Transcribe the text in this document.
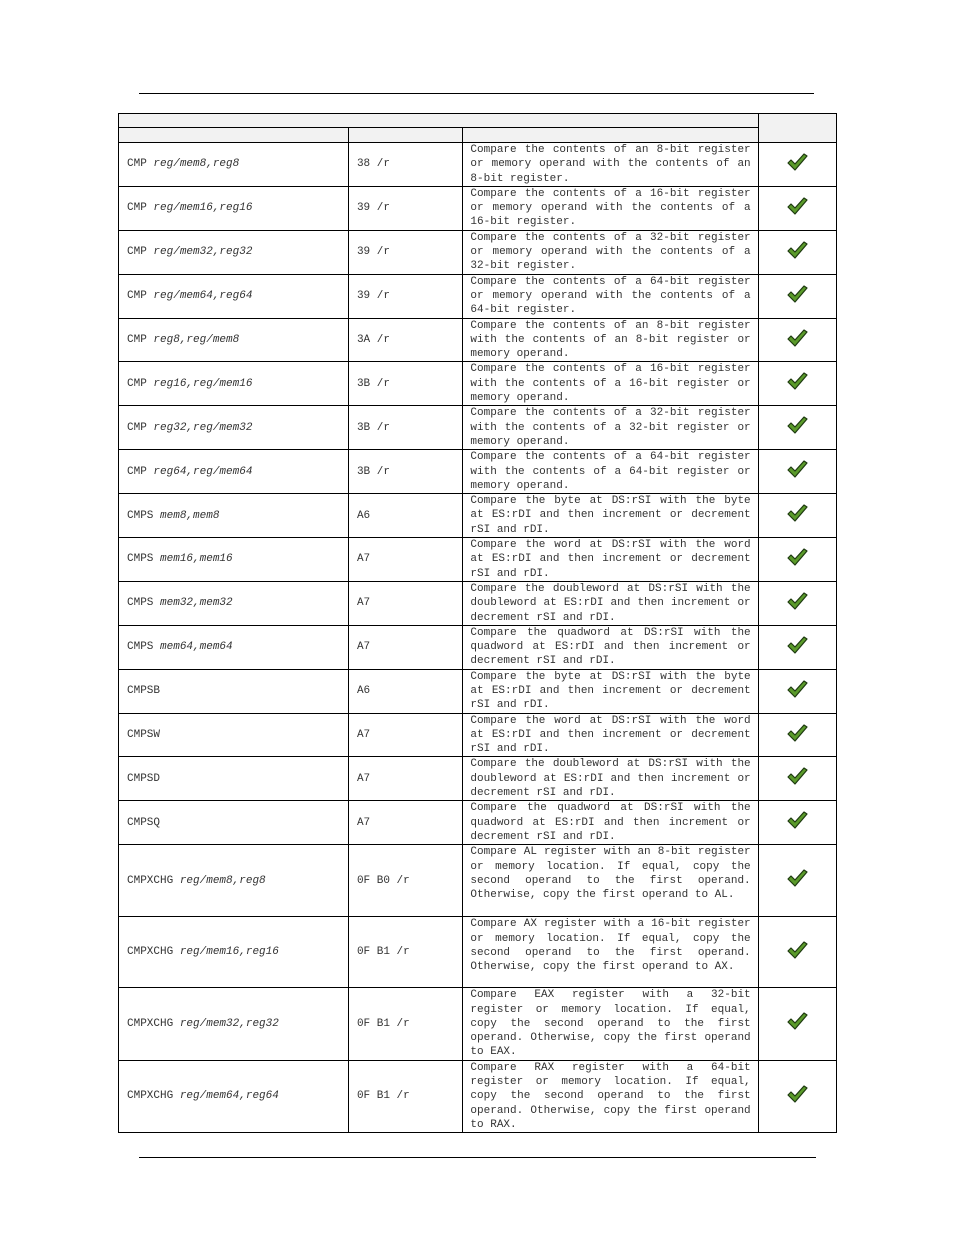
CMP reg/mem8,reg8	38 /r	Compare the contents of an 8-bit register or memory operand with the contents of an 8-bit register.	
CMP reg/mem16,reg16	39 /r	Compare the contents of a 16-bit register or memory operand with the contents of a 16-bit register.	
CMP reg/mem32,reg32	39 /r	Compare the contents of a 32-bit register or memory operand with the contents of a 32-bit register.	
CMP reg/mem64,reg64	39 /r	Compare the contents of a 64-bit register or memory operand with the contents of a 64-bit register.	
CMP reg8,reg/mem8	3A /r	Compare the contents of an 8-bit register with the contents of an 8-bit register or memory operand.	
CMP reg16,reg/mem16	3B /r	Compare the contents of a 16-bit register with the contents of a 16-bit register or memory operand.	
CMP reg32,reg/mem32	3B /r	Compare the contents of a 32-bit register with the contents of a 32-bit register or memory operand.	
CMP reg64,reg/mem64	3B /r	Compare the contents of a 64-bit register with the contents of a 64-bit register or memory operand.	
CMPS mem8,mem8	A6	Compare the byte at DS:rSI with the byte at ES:rDI and then increment or decrement rSI and rDI.	
CMPS mem16,mem16	A7	Compare the word at DS:rSI with the word at ES:rDI and then increment or decrement rSI and rDI.	
CMPS mem32,mem32	A7	Compare the doubleword at DS:rSI with the doubleword at ES:rDI and then increment or decrement rSI and rDI.	
CMPS mem64,mem64	A7	Compare the quadword at DS:rSI with the quadword at ES:rDI and then increment or decrement rSI and rDI.	
CMPSB	A6	Compare the byte at DS:rSI with the byte at ES:rDI and then increment or decrement rSI and rDI.	
CMPSW	A7	Compare the word at DS:rSI with the word at ES:rDI and then increment or decrement rSI and rDI.	
CMPSD	A7	Compare the doubleword at DS:rSI with the doubleword at ES:rDI and then increment or decrement rSI and rDI.	
CMPSQ	A7	Compare the quadword at DS:rSI with the quadword at ES:rDI and then increment or decrement rSI and rDI.	
CMPXCHG reg/mem8,reg8	0F B0 /r	Compare AL register with an 8-bit register or memory location. If equal, copy the second operand to the first operand. Otherwise, copy the first operand to AL.	
CMPXCHG reg/mem16,reg16	0F B1 /r	Compare AX register with a 16-bit register or memory location. If equal, copy the second operand to the first operand. Otherwise, copy the first operand to AX.	
CMPXCHG reg/mem32,reg32	0F B1 /r	Compare EAX register with a 32-bit register or memory location. If equal, copy the second operand to the first operand. Otherwise, copy the first operand to EAX.	
CMPXCHG reg/mem64,reg64	0F B1 /r	Compare RAX register with a 64-bit register or memory location. If equal, copy the second operand to the first operand. Otherwise, copy the first operand to RAX.	
